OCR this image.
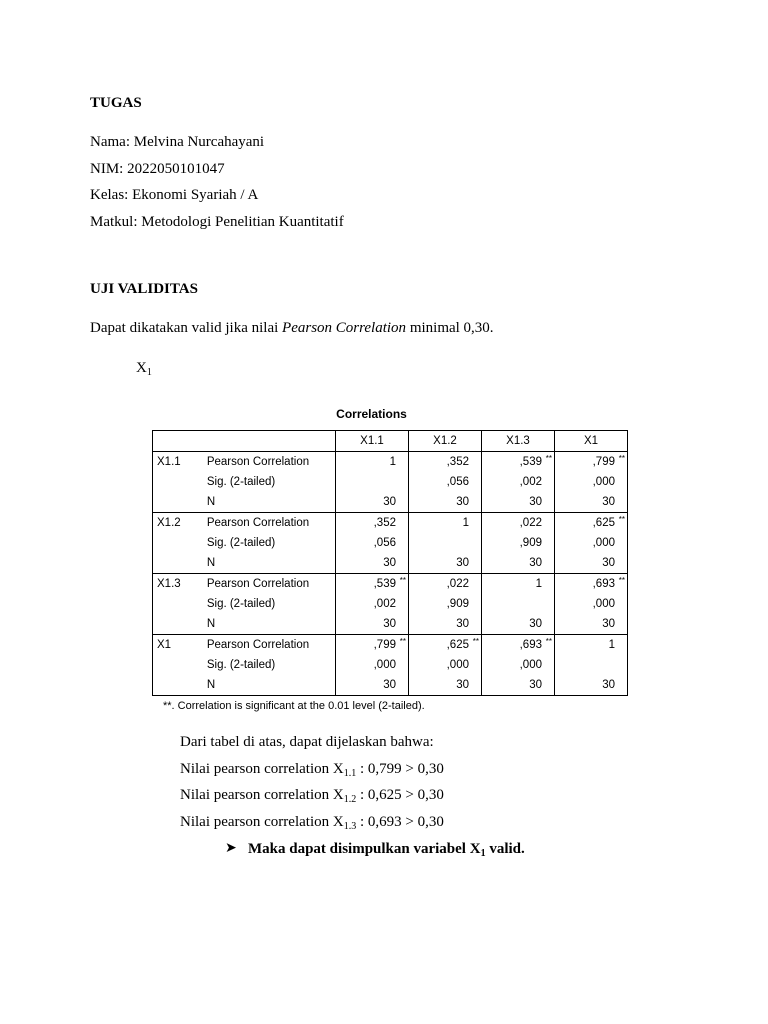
TUGAS
Nama: Melvina Nurcahayani
NIM: 2022050101047
Kelas: Ekonomi Syariah / A
Matkul: Metodologi Penelitian Kuantitatif
UJI VALIDITAS
Dapat dikatakan valid jika nilai Pearson Correlation minimal 0,30.
$X_1$
Correlations
		X1.1	X1.2	X1.3	X1
X1.1	Pearson Correlation	1	,352	,539 **	,799 **

	Sig. (2-tailed)		,056	,002	,000
	N	30	30	30	30
X1.2	Pearson Correlation	,352	1	,022	,625 **

	Sig. (2-tailed)	,056		,909	,000
	N	30	30	30	30
X1.3	Pearson Correlation	,539 **	,022	1	,693 **

	Sig. (2-tailed)	,002	,909		,000
	N	30	30	30	30
X1	Pearson Correlation	,799 **	,625 **	,693 **	1
	Sig. (2-tailed)	,000	,000	,000	
	N	30	30	30	30
**. Correlation is significant at the 0.01 level (2-tailed).
Dari tabel di atas, dapat dijelaskan bahwa:
Nilai pearson correlation $X_{1.1}$ : 0,799 > 0,30
Nilai pearson correlation $X_{1.2}$ : 0,625 > 0,30
Nilai pearson correlation $X_{1.3}$ : 0,693 > 0,30
➤ Maka dapat disimpulkan variabel $X_1$ valid.
